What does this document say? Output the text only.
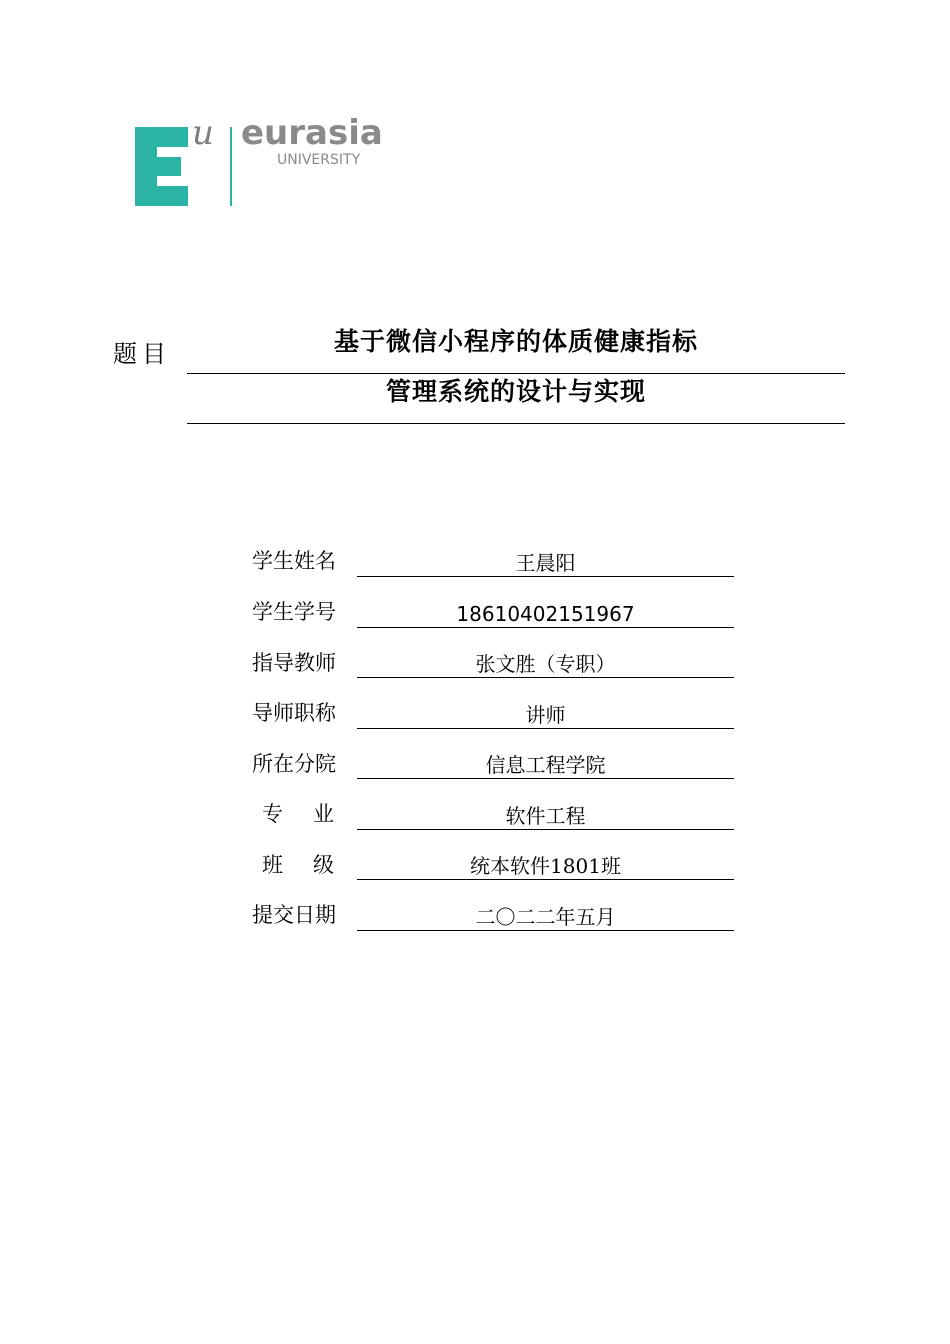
u eurasia
UNIVERSITY
题目	基于微信小程序的体质健康指标
管理系统的设计与实现
学生姓名	王晨阳
学生学号	18610402151967
指导教师	张文胜（专职）
导师职称	讲师
所在分院	信息工程学院
专 业	软件工程
班 级	统本软件1801班
提交日期	二〇二二年五月
